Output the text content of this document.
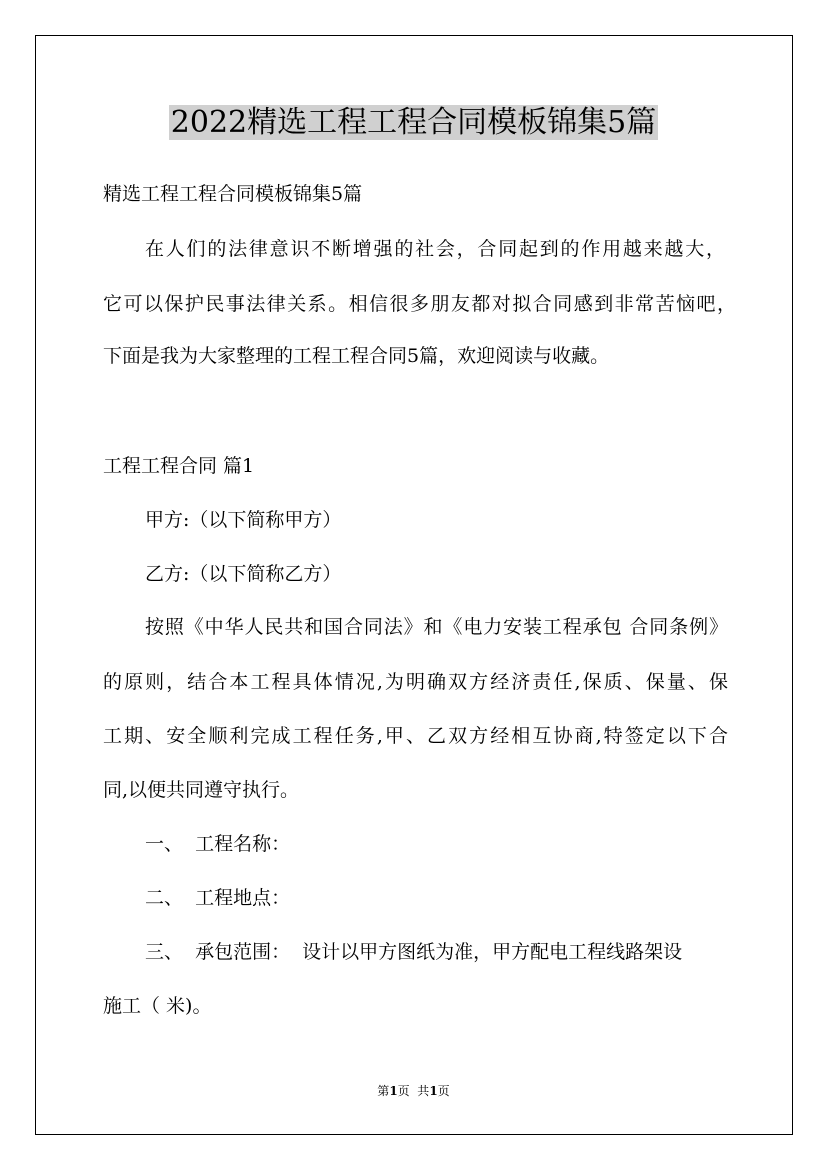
2022精选工程工程合同模板锦集5篇
精选工程工程合同模板锦集5篇
在人们的法律意识不断增强的社会，合同起到的作用越来越大，
它可以保护民事法律关系。相信很多朋友都对拟合同感到非常苦恼吧，
下面是我为大家整理的工程工程合同5篇，欢迎阅读与收藏。
工程工程合同 篇1
甲方:（以下简称甲方）
乙方:（以下简称乙方）
按照《中华人民共和国合同法》和《电力安装工程承包 合同条例》
的原则，结合本工程具体情况,为明确双方经济责任,保质、保量、保
工期、安全顺利完成工程任务,甲、乙双方经相互协商,特签定以下合
同,以便共同遵守执行。
一、  工程名称：
二、  工程地点：
三、  承包范围：  设计以甲方图纸为准，甲方配电工程线路架设
施工（ 米)。
第1页  共1页
